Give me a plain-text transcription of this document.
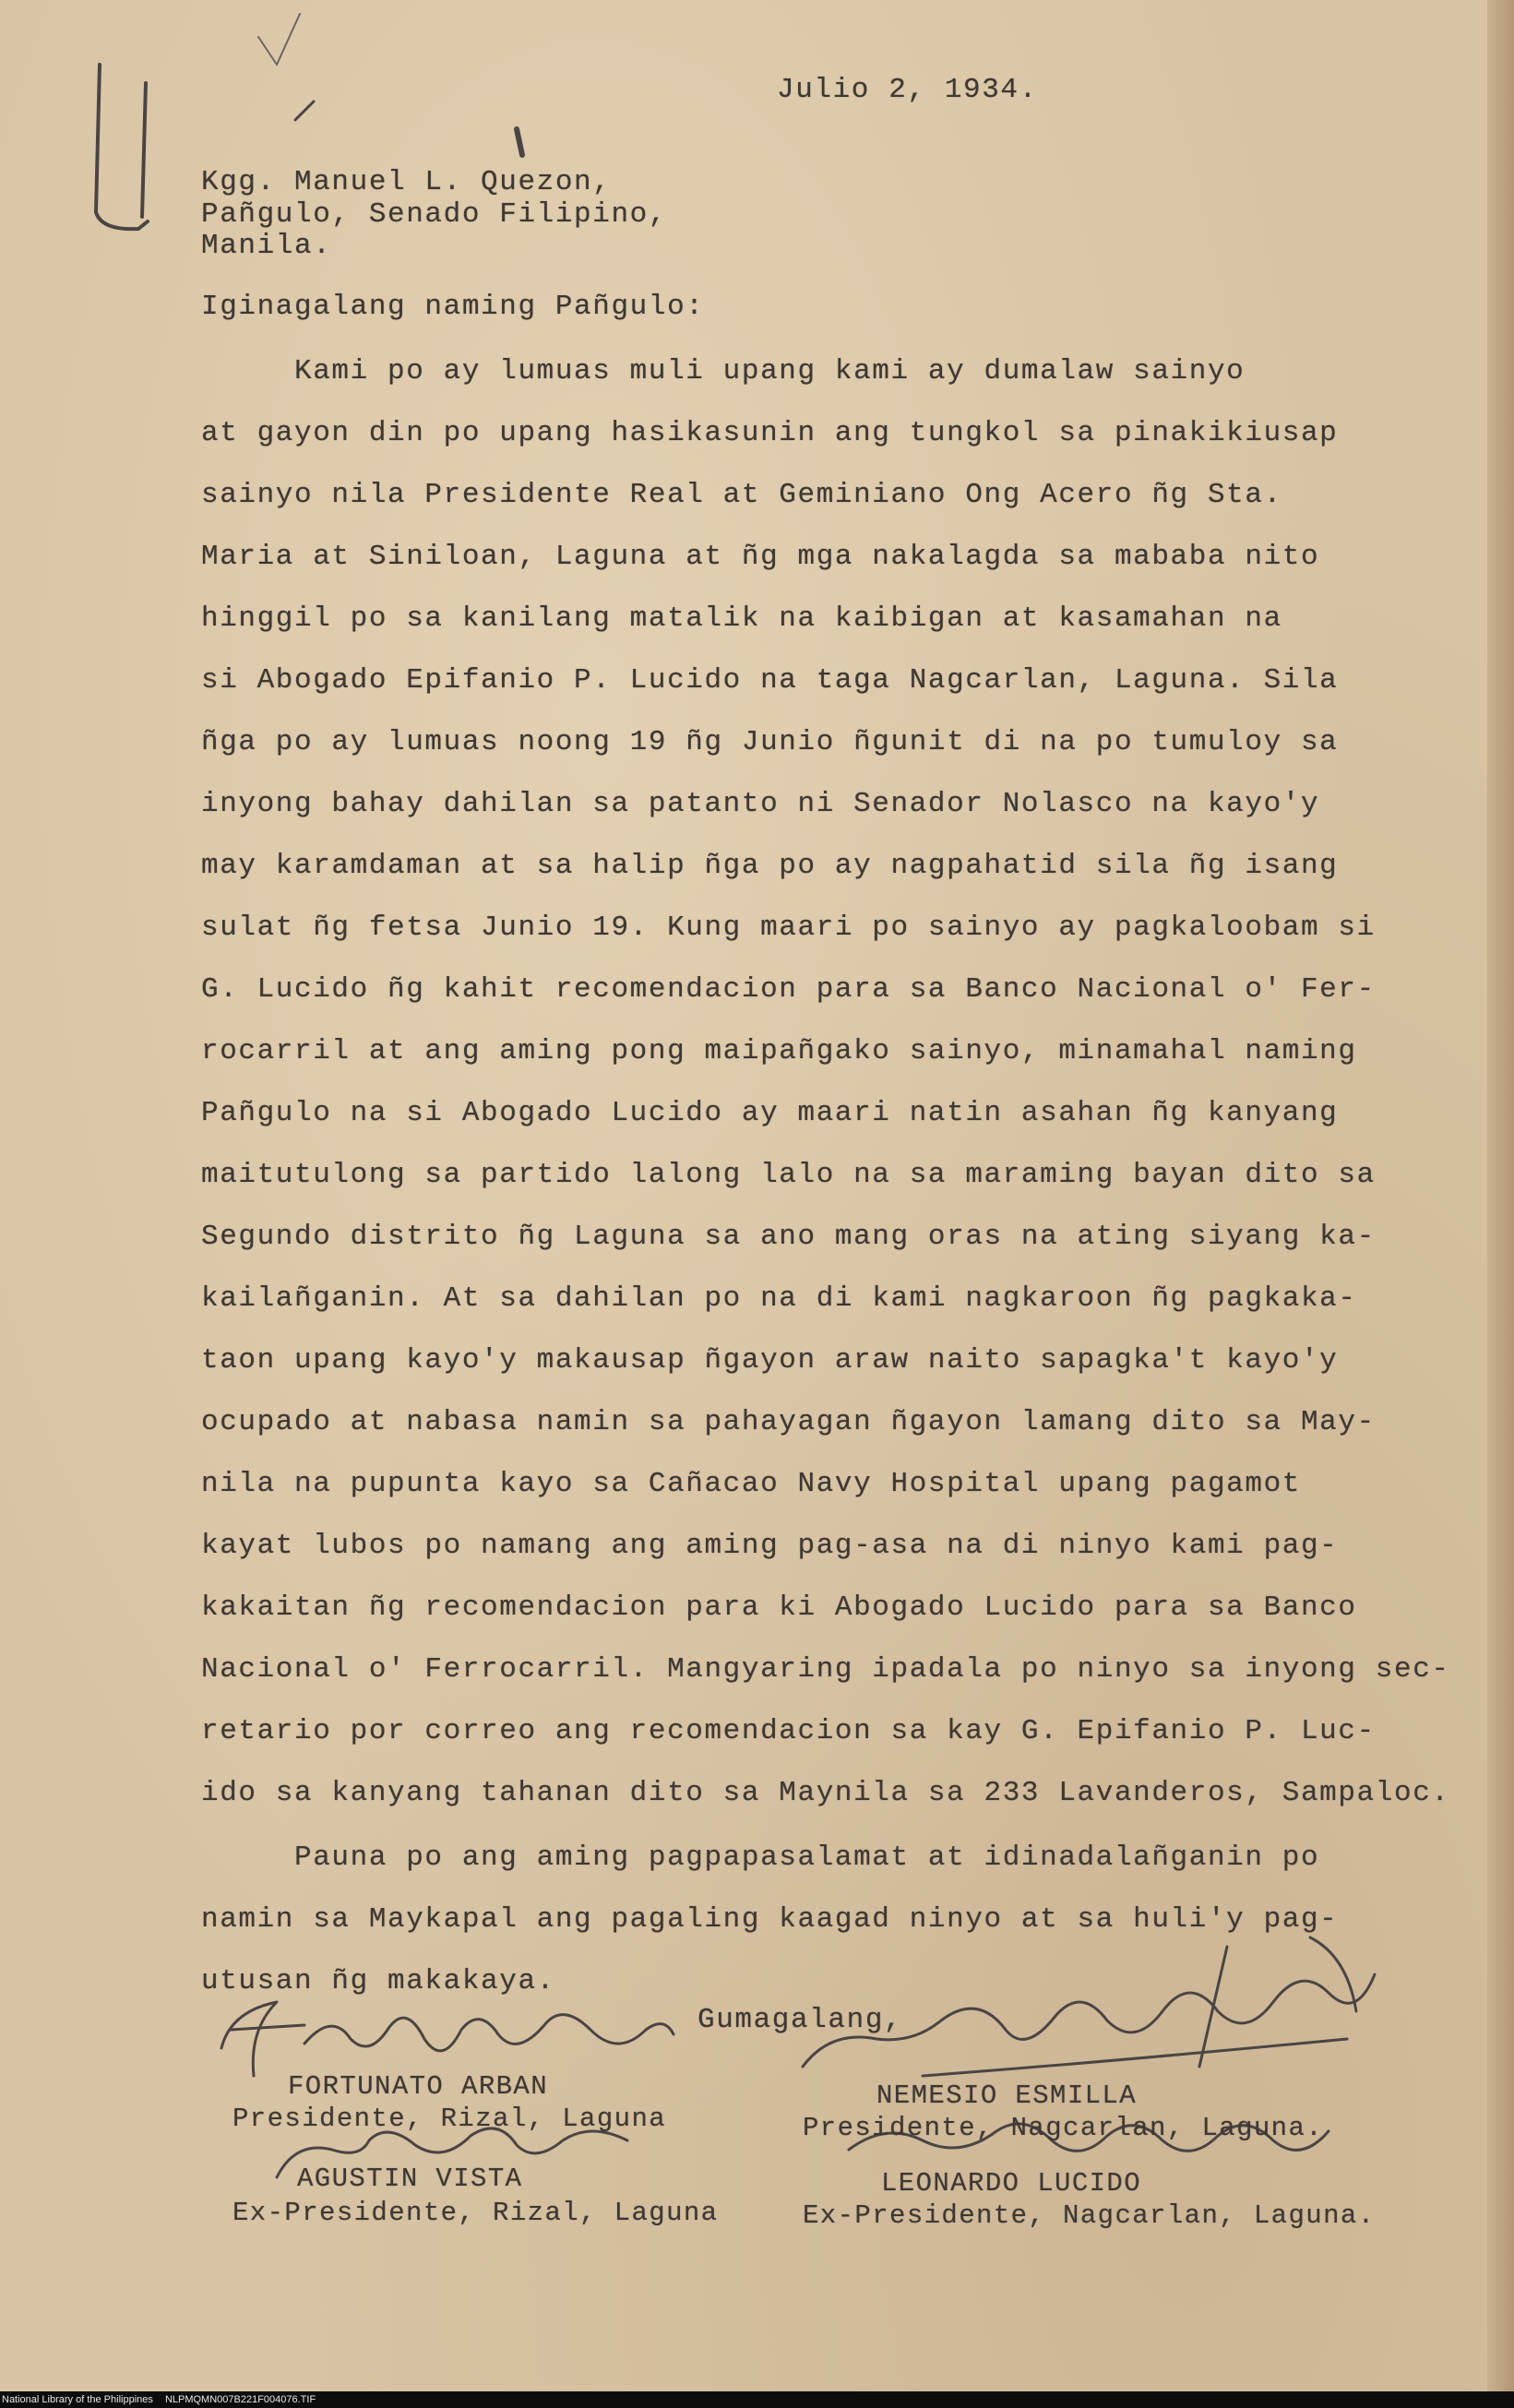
Julio 2, 1934.
Kgg. Manuel L. Quezon,
Pañgulo, Senado Filipino,
Manila.
Iginagalang naming Pañgulo:
Kami po ay lumuas muli upang kami ay dumalaw sainyo
at gayon din po upang hasikasunin ang tungkol sa pinakikiusap
sainyo nila Presidente Real at Geminiano Ong Acero ñg Sta.
Maria at Siniloan, Laguna at ñg mga nakalagda sa mababa nito
hinggil po sa kanilang matalik na kaibigan at kasamahan na
si Abogado Epifanio P. Lucido na taga Nagcarlan, Laguna. Sila
ñga po ay lumuas noong 19 ñg Junio ñgunit di na po tumuloy sa
inyong bahay dahilan sa patanto ni Senador Nolasco na kayo'y
may karamdaman at sa halip ñga po ay nagpahatid sila ñg isang
sulat ñg fetsa Junio 19. Kung maari po sainyo ay pagkaloobam si
G. Lucido ñg kahit recomendacion para sa Banco Nacional o' Fer-
rocarril at ang aming pong maipañgako sainyo, minamahal naming
Pañgulo na si Abogado Lucido ay maari natin asahan ñg kanyang
maitutulong sa partido lalong lalo na sa maraming bayan dito sa
Segundo distrito ñg Laguna sa ano mang oras na ating siyang ka-
kailañganin. At sa dahilan po na di kami nagkaroon ñg pagkaka-
taon upang kayo'y makausap ñgayon araw naito sapagka't kayo'y
ocupado at nabasa namin sa pahayagan ñgayon lamang dito sa May-
nila na pupunta kayo sa Cañacao Navy Hospital upang pagamot
kayat lubos po namang ang aming pag-asa na di ninyo kami pag-
kakaitan ñg recomendacion para ki Abogado Lucido para sa Banco
Nacional o' Ferrocarril. Mangyaring ipadala po ninyo sa inyong sec-
retario por correo ang recomendacion sa kay G. Epifanio P. Luc-
ido sa kanyang tahanan dito sa Maynila sa 233 Lavanderos, Sampaloc.
Pauna po ang aming pagpapasalamat at idinadalañganin po
namin sa Maykapal ang pagaling kaagad ninyo at sa huli'y pag-
utusan ñg makakaya.
Gumagalang,
FORTUNATO ARBAN
Presidente, Rizal, Laguna
NEMESIO ESMILLA
Presidente, Nagcarlan, Laguna.
AGUSTIN VISTA
Ex-Presidente, Rizal, Laguna
LEONARDO LUCIDO
Ex-Presidente, Nagcarlan, Laguna.
National Library of the Philippines NLPMQMN007B221F004076.TIF
